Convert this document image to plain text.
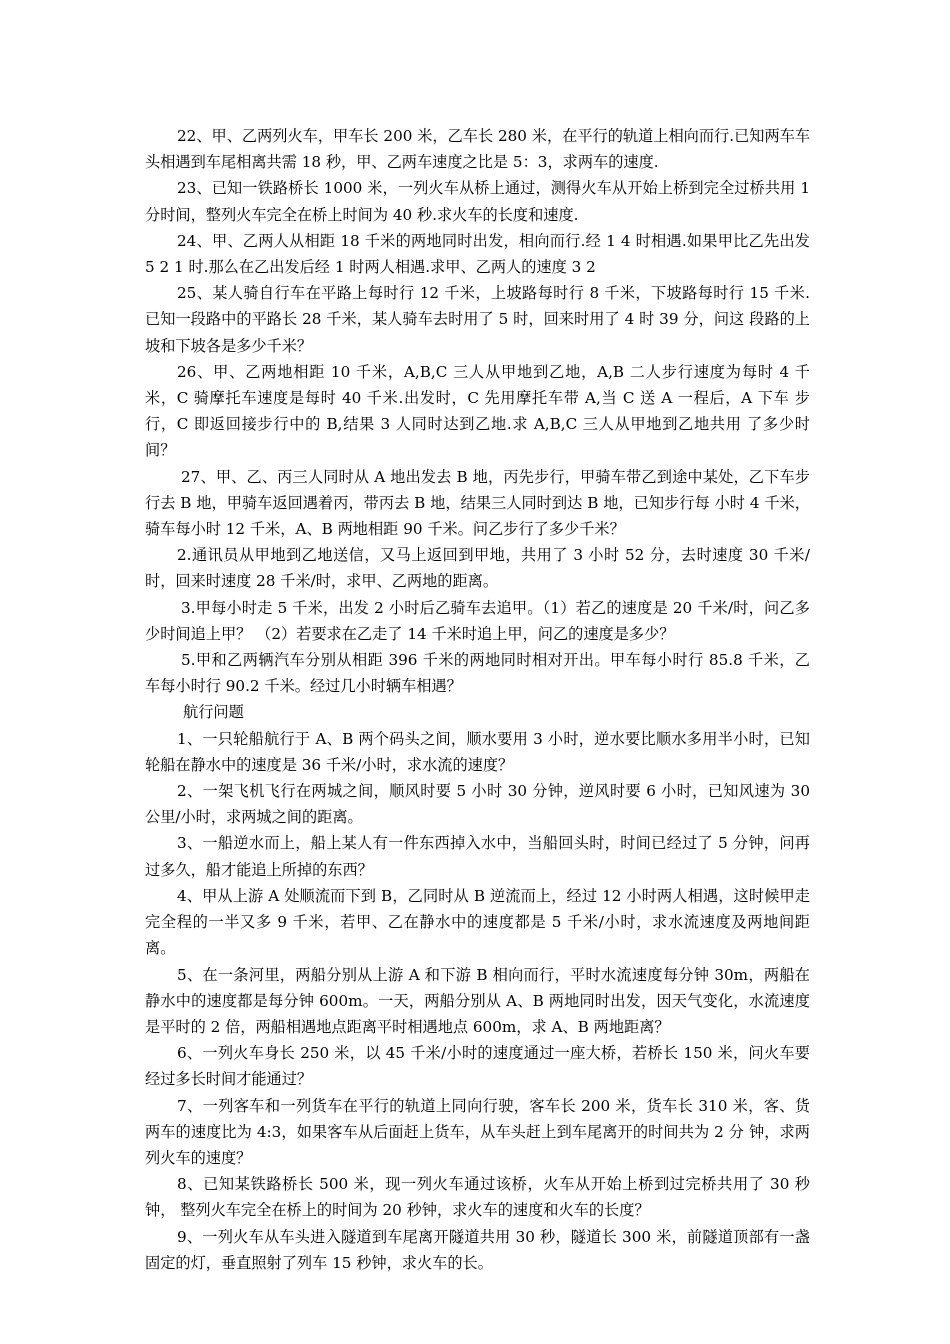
22、甲、乙两列火车，甲车长 200 米，乙车长 280 米，在平行的轨道上相向而行.已知两车车头相遇到车尾相离共需 18 秒，甲、乙两车速度之比是 5：3，求两车的速度.

23、已知一铁路桥长 1000 米，一列火车从桥上通过，测得火车从开始上桥到完全过桥共用 1 分时间，整列火车完全在桥上时间为 40 秒.求火车的长度和速度.

24、甲、乙两人从相距 18 千米的两地同时出发，相向而行.经 1 4 时相遇.如果甲比乙先出发 5 2 1 时.那么在乙出发后经 1 时两人相遇.求甲、乙两人的速度 3 2

25、某人骑自行车在平路上每时行 12 千米，上坡路每时行 8 千米，下坡路每时行 15 千米. 已知一段路中的平路长 28 千米，某人骑车去时用了 5 时，回来时用了 4 时 39 分，问这 段路的上坡和下坡各是多少千米？

26、甲、乙两地相距 10 千米，A,B,C 三人从甲地到乙地，A,B 二人步行速度为每时 4 千米，C 骑摩托车速度是每时 40 千米.出发时，C 先用摩托车带 A,当 C 送 A 一程后，A 下车 步行，C 即返回接步行中的 B,结果 3 人同时达到乙地.求 A,B,C 三人从甲地到乙地共用 了多少时间？

27、甲、乙、丙三人同时从 A 地出发去 B 地，丙先步行，甲骑车带乙到途中某处，乙下车步行去 B 地，甲骑车返回遇着丙，带丙去 B 地，结果三人同时到达 B 地，已知步行每 小时 4 千米，骑车每小时 12 千米，A、B 两地相距 90 千米。问乙步行了多少千米？

2.通讯员从甲地到乙地送信，又马上返回到甲地，共用了 3 小时 52 分，去时速度 30 千米/ 时，回来时速度 28 千米/时，求甲、乙两地的距离。

3.甲每小时走 5 千米，出发 2 小时后乙骑车去追甲。（1）若乙的速度是 20 千米/时，问乙多少时间追上甲？ （2）若要求在乙走了 14 千米时追上甲，问乙的速度是多少？

5.甲和乙两辆汽车分别从相距 396 千米的两地同时相对开出。甲车每小时行 85.8 千米，乙 车每小时行 90.2 千米。经过几小时辆车相遇？

航行问题

1、一只轮船航行于 A、B 两个码头之间，顺水要用 3 小时，逆水要比顺水多用半小时，已知 轮船在静水中的速度是 36 千米/小时，求水流的速度？

2、一架飞机飞行在两城之间，顺风时要 5 小时 30 分钟，逆风时要 6 小时，已知风速为 30 公里/小时，求两城之间的距离。

3、一船逆水而上，船上某人有一件东西掉入水中，当船回头时，时间已经过了 5 分钟，问再过多久，船才能追上所掉的东西？

4、甲从上游 A 处顺流而下到 B，乙同时从 B 逆流而上，经过 12 小时两人相遇，这时候甲走 完全程的一半又多 9 千米，若甲、乙在静水中的速度都是 5 千米/小时，求水流速度及两地间距离。

5、在一条河里，两船分别从上游 A 和下游 B 相向而行，平时水流速度每分钟 30m，两船在 静水中的速度都是每分钟 600m。一天，两船分别从 A、B 两地同时出发，因天气变化，水流速度是平时的 2 倍，两船相遇地点距离平时相遇地点 600m，求 A、B 两地距离？

6、一列火车身长 250 米，以 45 千米/小时的速度通过一座大桥，若桥长 150 米，问火车要 经过多长时间才能通过？

7、一列客车和一列货车在平行的轨道上同向行驶，客车长 200 米，货车长 310 米，客、货两车的速度比为 4:3，如果客车从后面赶上货车，从车头赶上到车尾离开的时间共为 2 分 钟，求两列火车的速度？

8、已知某铁路桥长 500 米，现一列火车通过该桥，火车从开始上桥到过完桥共用了 30 秒钟， 整列火车完全在桥上的时间为 20 秒钟，求火车的速度和火车的长度？

9、一列火车从车头进入隧道到车尾离开隧道共用 30 秒，隧道长 300 米，前隧道顶部有一盏 固定的灯，垂直照射了列车 15 秒钟，求火车的长。
